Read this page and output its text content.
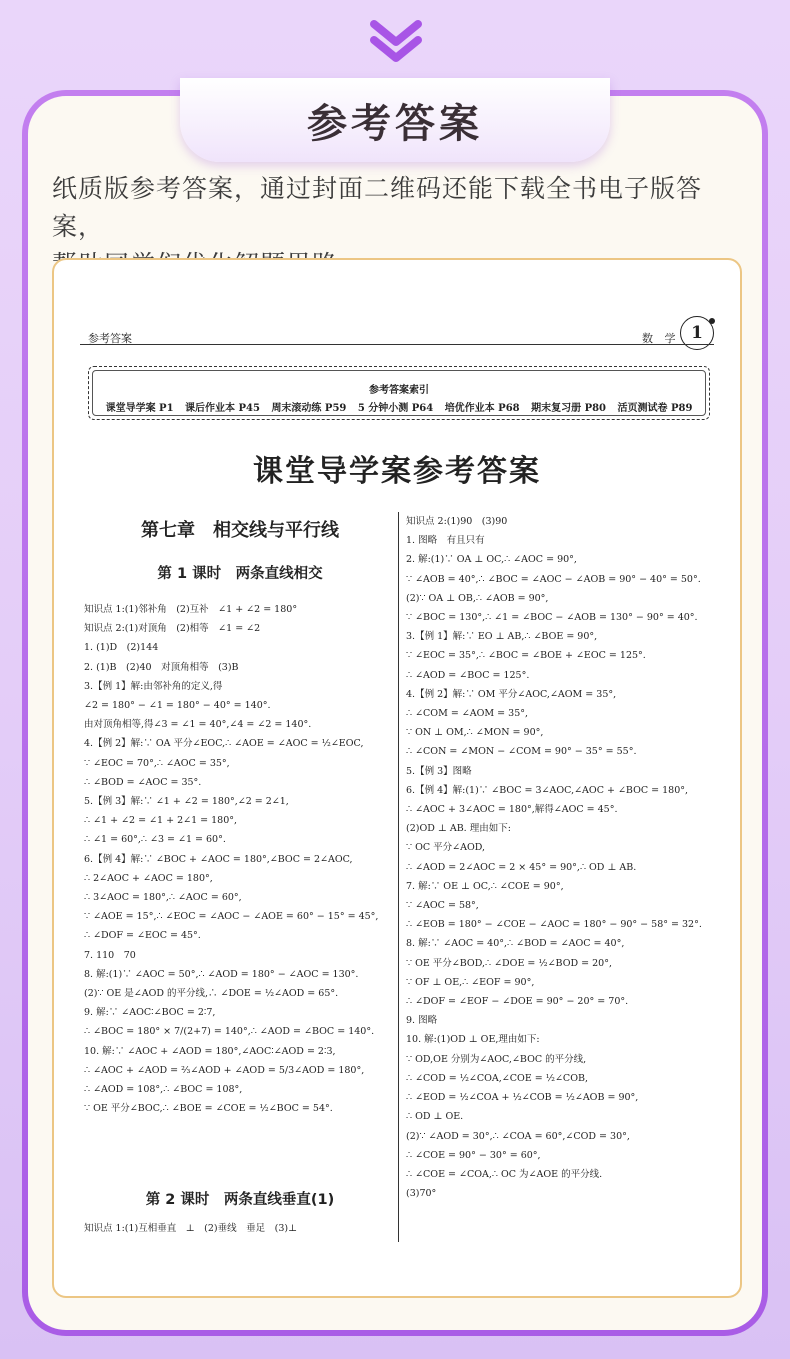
参考答案
纸质版参考答案，通过封面二维码还能下载全书电子版答案，
参考答案	数 学 1
参考答案索引
课堂导学案 P1 课后作业本 P45 周末滚动练 P59 5 分钟小测 P64 培优作业本 P68 期末复习册 P80 活页测试卷 P89
课堂导学案参考答案
第七章　相交线与平行线
第 1 课时　两条直线相交
知识点 1:(1)邻补角　(2)互补　∠1 + ∠2 = 180°
知识点 2:(1)对顶角　(2)相等　∠1 = ∠2
1. (1)D　(2)144
2. (1)B　(2)40　对顶角相等　(3)B
3.【例 1】解:由邻补角的定义,得
∠2 = 180° − ∠1 = 180° − 40° = 140°.
由对顶角相等,得∠3 = ∠1 = 40°,∠4 = ∠2 = 140°.
4.【例 2】解:∵ OA 平分∠EOC,∴ ∠AOE = ∠AOC = ½∠EOC,
∵ ∠EOC = 70°,∴ ∠AOC = 35°,
∴ ∠BOD = ∠AOC = 35°.
5.【例 3】解:∵ ∠1 + ∠2 = 180°,∠2 = 2∠1,
∴ ∠1 + ∠2 = ∠1 + 2∠1 = 180°,
∴ ∠1 = 60°,∴ ∠3 = ∠1 = 60°.
6.【例 4】解:∵ ∠BOC + ∠AOC = 180°,∠BOC = 2∠AOC,
∴ 2∠AOC + ∠AOC = 180°,
∴ 3∠AOC = 180°,∴ ∠AOC = 60°,
∵ ∠AOE = 15°,∴ ∠EOC = ∠AOC − ∠AOE = 60° − 15° = 45°,
∴ ∠DOF = ∠EOC = 45°.
7. 110　70
8. 解:(1)∵ ∠AOC = 50°,∴ ∠AOD = 180° − ∠AOC = 130°.
(2)∵ OE 是∠AOD 的平分线,∴ ∠DOE = ½∠AOD = 65°.
9. 解:∵ ∠AOC∶∠BOC = 2∶7,
∴ ∠BOC = 180° × 7/(2+7) = 140°,∴ ∠AOD = ∠BOC = 140°.
10. 解:∵ ∠AOC + ∠AOD = 180°,∠AOC∶∠AOD = 2∶3,
∴ ∠AOC + ∠AOD = ⅔∠AOD + ∠AOD = 5/3∠AOD = 180°,
∴ ∠AOD = 108°,∴ ∠BOC = 108°,
∵ OE 平分∠BOC,∴ ∠BOE = ∠COE = ½∠BOC = 54°.
第 2 课时　两条直线垂直(1)
知识点 1:(1)互相垂直　⊥　(2)垂线　垂足　(3)⊥
知识点 2:(1)90　(3)90
1. 图略　有且只有
2. 解:(1)∵ OA ⊥ OC,∴ ∠AOC = 90°,
∵ ∠AOB = 40°,∴ ∠BOC = ∠AOC − ∠AOB = 90° − 40° = 50°.
(2)∵ OA ⊥ OB,∴ ∠AOB = 90°,
∵ ∠BOC = 130°,∴ ∠1 = ∠BOC − ∠AOB = 130° − 90° = 40°.
3.【例 1】解:∵ EO ⊥ AB,∴ ∠BOE = 90°,
∵ ∠EOC = 35°,∴ ∠BOC = ∠BOE + ∠EOC = 125°.
∴ ∠AOD = ∠BOC = 125°.
4.【例 2】解:∵ OM 平分∠AOC,∠AOM = 35°,
∴ ∠COM = ∠AOM = 35°,
∵ ON ⊥ OM,∴ ∠MON = 90°,
∴ ∠CON = ∠MON − ∠COM = 90° − 35° = 55°.
5.【例 3】图略
6.【例 4】解:(1)∵ ∠BOC = 3∠AOC,∠AOC + ∠BOC = 180°,
∴ ∠AOC + 3∠AOC = 180°,解得∠AOC = 45°.
(2)OD ⊥ AB. 理由如下:
∵ OC 平分∠AOD,
∴ ∠AOD = 2∠AOC = 2 × 45° = 90°,∴ OD ⊥ AB.
7. 解:∵ OE ⊥ OC,∴ ∠COE = 90°,
∵ ∠AOC = 58°,
∴ ∠EOB = 180° − ∠COE − ∠AOC = 180° − 90° − 58° = 32°.
8. 解:∵ ∠AOC = 40°,∴ ∠BOD = ∠AOC = 40°,
∵ OE 平分∠BOD,∴ ∠DOE = ½∠BOD = 20°,
∵ OF ⊥ OE,∴ ∠EOF = 90°,
∴ ∠DOF = ∠EOF − ∠DOE = 90° − 20° = 70°.
9. 图略
10. 解:(1)OD ⊥ OE,理由如下:
∵ OD,OE 分别为∠AOC,∠BOC 的平分线,
∴ ∠COD = ½∠COA,∠COE = ½∠COB,
∴ ∠EOD = ½∠COA + ½∠COB = ½∠AOB = 90°,
∴ OD ⊥ OE.
(2)∵ ∠AOD = 30°,∴ ∠COA = 60°,∠COD = 30°,
∴ ∠COE = 90° − 30° = 60°,
∴ ∠COE = ∠COA,∴ OC 为∠AOE 的平分线.
(3)70°
